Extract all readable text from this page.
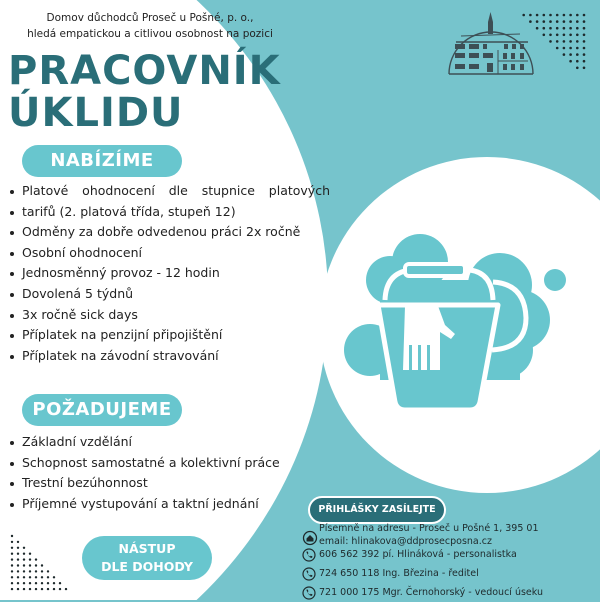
Domov důchodců Proseč u Pošné, p. o.,
hledá empatickou a citlivou osobnost na pozici
PRACOVNÍK
ÚKLIDU
NABÍZÍME
Platové ohodnocení dle stupnice platových
tarifů (2. platová třída, stupeň 12)
Odměny za dobře odvedenou práci 2x ročně
Osobní ohodnocení
Jednosměnný provoz - 12 hodin
Dovolená 5 týdnů
3x ročně sick days
Příplatek na penzijní připojištění
Příplatek na závodní stravování
POŽADUJEME
Základní vzdělání
Schopnost samostatné a kolektivní práce
Trestní bezúhonnost
Příjemné vystupování a taktní jednání
NÁSTUP
DLE DOHODY
PŘIHLÁŠKY ZASÍLEJTE
Písemně na adresu - Proseč u Pošné 1, 395 01
email: hlinakova@ddprosecposna.cz
606 562 392 pí. Hlináková - personalistka
724 650 118 Ing. Březina - ředitel
721 000 175 Mgr. Černohorský - vedoucí úseku
